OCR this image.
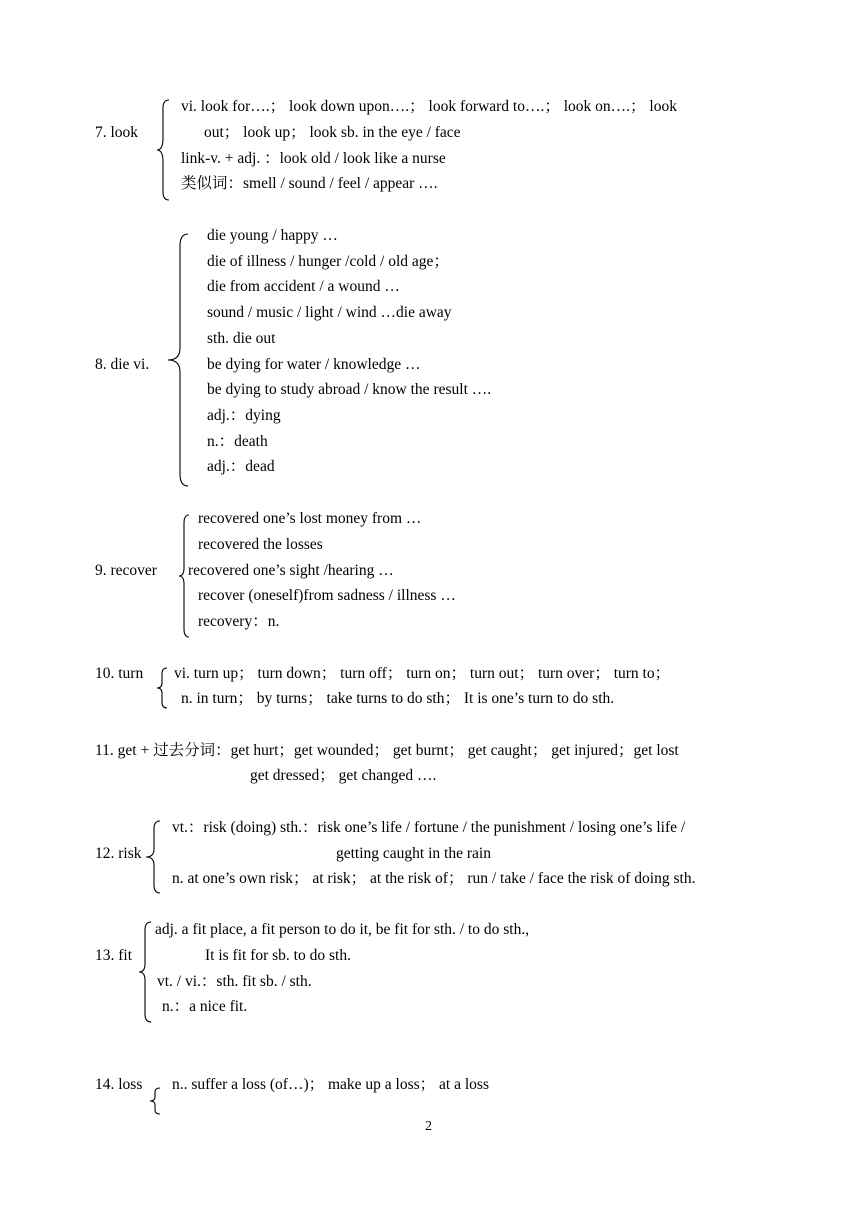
7. look
vi. look for….； look down upon….； look forward to….； look on….； look
out； look up； look sb. in the eye / face
link-v. + adj. ：look old / look like a nurse
类似词：smell / sound / feel / appear ….
8. die vi.
die young / happy …
die of illness / hunger /cold / old age；
die from accident / a wound …
sound / music / light / wind …die away
sth. die out
be dying for water / knowledge …
be dying to study abroad / know the result ….
adj.：dying
n.：death
adj.：dead
9. recover
recovered one’s lost money from …
recovered the losses
recovered one’s sight /hearing …
recover (oneself)from sadness / illness …
recovery：n.
10. turn vi. turn up； turn down； turn off； turn on； turn out； turn over； turn to；
n. in turn； by turns； take turns to do sth； It is one’s turn to do sth.
11. get + 过去分词：get hurt；get wounded； get burnt； get caught； get injured；get lost
get dressed； get changed ….
12. risk
vt.：risk (doing) sth.：risk one’s life / fortune / the punishment / losing one’s life /
getting caught in the rain
n. at one’s own risk； at risk； at the risk of； run / take / face the risk of doing sth.
13. fit
adj. a fit place, a fit person to do it, be fit for sth. / to do sth.,
It is fit for sb. to do sth.
vt. / vi.：sth. fit sb. / sth.
n.：a nice fit.
14. loss n.. suffer a loss (of…)； make up a loss； at a loss
2
